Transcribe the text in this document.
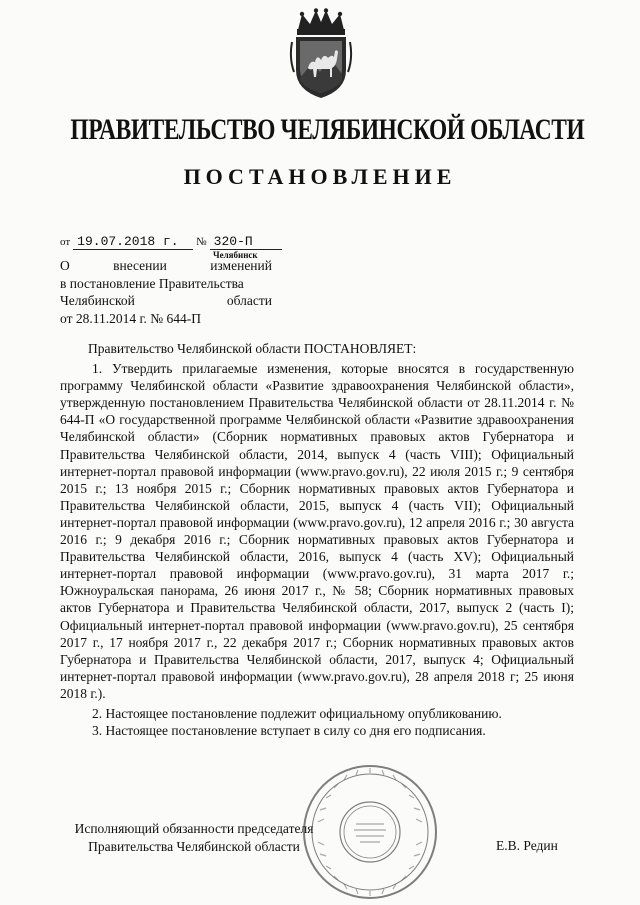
ПРАВИТЕЛЬСТВО ЧЕЛЯБИНСКОЙ ОБЛАСТИ
ПОСТАНОВЛЕНИЕ
от 19.07.2018 г. № 320-П
Челябинск
О	внесении	изменений
в постановление Правительства
Челябинской	области
от 28.11.2014 г. № 644-П

Правительство Челябинской области ПОСТАНОВЛЯЕТ:

1. Утвердить прилагаемые изменения, которые вносятся в государственную программу Челябинской области «Развитие здравоохранения Челябинской области», утвержденную постановлением Правительства Челябинской области от 28.11.2014 г. № 644-П «О государственной программе Челябинской области «Развитие здравоохранения Челябинской области» (Сборник нормативных правовых актов Губернатора и Правительства Челябинской области, 2014, выпуск 4 (часть VIII); Официальный интернет-портал правовой информации (www.pravo.gov.ru), 22 июля 2015 г.; 9 сентября 2015 г.; 13 ноября 2015 г.; Сборник нормативных правовых актов Губернатора и Правительства Челябинской области, 2015, выпуск 4 (часть VII); Официальный интернет-портал правовой информации (www.pravo.gov.ru), 12 апреля 2016 г.; 30 августа 2016 г.; 9 декабря 2016 г.; Сборник нормативных правовых актов Губернатора и Правительства Челябинской области, 2016, выпуск 4 (часть XV); Официальный интернет-портал правовой информации (www.pravo.gov.ru), 31 марта 2017 г.; Южноуральская панорама, 26 июня 2017 г., № 58; Сборник нормативных правовых актов Губернатора и Правительства Челябинской области, 2017, выпуск 2 (часть I); Официальный интернет-портал правовой информации (www.pravo.gov.ru), 25 сентября 2017 г., 17 ноября 2017 г., 22 декабря 2017 г.; Сборник нормативных правовых актов Губернатора и Правительства Челябинской области, 2017, выпуск 4; Официальный интернет-портал правовой информации (www.pravo.gov.ru), 28 апреля 2018 г; 25 июня 2018 г.).

2. Настоящее постановление подлежит официальному опубликованию.

3. Настоящее постановление вступает в силу со дня его подписания.

Исполняющий обязанности председателя
Правительства Челябинской области	Е.В. Редин
